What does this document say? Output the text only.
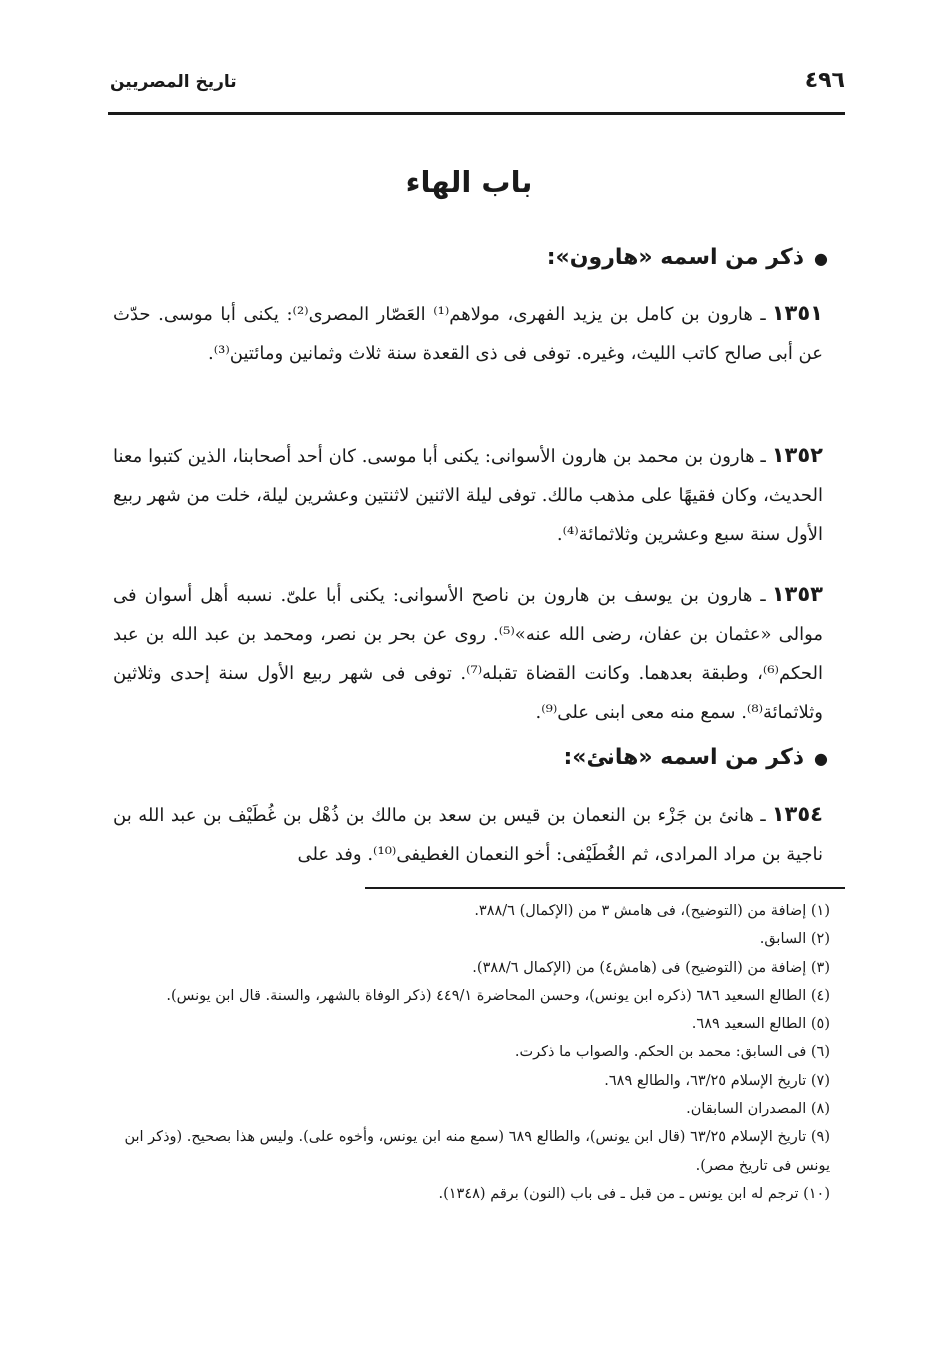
٤٩٦
تاريخ المصريين
باب الهاء
●ذكر من اسمه «هارون»:

١٣٥١ـ هارون بن كامل بن يزيد الفهرى، مولاهم⁽¹⁾ العَصّار المصرى⁽²⁾: يكنى أبا موسى. حدّث عن أبى صالح كاتب الليث، وغيره. توفى فى ذى القعدة سنة ثلاث وثمانين ومائتين⁽³⁾.

١٣٥٢ـ هارون بن محمد بن هارون الأسوانى: يكنى أبا موسى. كان أحد أصحابنا، الذين كتبوا معنا الحديث، وكان فقيهًا على مذهب مالك. توفى ليلة الاثنين لاثنتين وعشرين ليلة، خلت من شهر ربيع الأول سنة سبع وعشرين وثلاثمائة⁽⁴⁾.

١٣٥٣ـ هارون بن يوسف بن هارون بن ناصح الأسوانى: يكنى أبا علىّ. نسبه أهل أسوان فى موالى «عثمان بن عفان، رضى الله عنه»⁽⁵⁾. روى عن بحر بن نصر، ومحمد بن عبد الله بن عبد الحكم⁽⁶⁾، وطبقة بعدهما. وكانت القضاة تقبله⁽⁷⁾. توفى فى شهر ربيع الأول سنة إحدى وثلاثين وثلاثمائة⁽⁸⁾. سمع منه معى ابنى على⁽⁹⁾.

●ذكر من اسمه «هانئ»:

١٣٥٤ـ هانئ بن جَزْء بن النعمان بن قيس بن سعد بن مالك بن ذُهْل بن غُطَيْف بن عبد الله بن ناجية بن مراد المرادى، ثم الغُطَيْفى: أخو النعمان الغطيفى⁽¹⁰⁾. وفد على

(١) إضافة من (التوضيح)، فى هامش ٣ من (الإكمال) ٣٨٨/٦.
(٢) السابق.
(٣) إضافة من (التوضيح) فى (هامش٤) من (الإكمال ٣٨٨/٦).
(٤) الطالع السعيد ٦٨٦ (ذكره ابن يونس)، وحسن المحاضرة ٤٤٩/١ (ذكر الوفاة بالشهر، والسنة. قال ابن يونس).
(٥) الطالع السعيد ٦٨٩.
(٦) فى السابق: محمد بن الحكم. والصواب ما ذكرت.
(٧) تاريخ الإسلام ٦٣/٢٥، والطالع ٦٨٩.
(٨) المصدران السابقان.
(٩) تاريخ الإسلام ٦٣/٢٥ (قال ابن يونس)، والطالع ٦٨٩ (سمع منه ابن يونس، وأخوه على). وليس هذا بصحيح. (وذكر ابن يونس فى تاريخ مصر).
(١٠) ترجم له ابن يونس ـ من قبل ـ فى باب (النون) برقم (١٣٤٨).
